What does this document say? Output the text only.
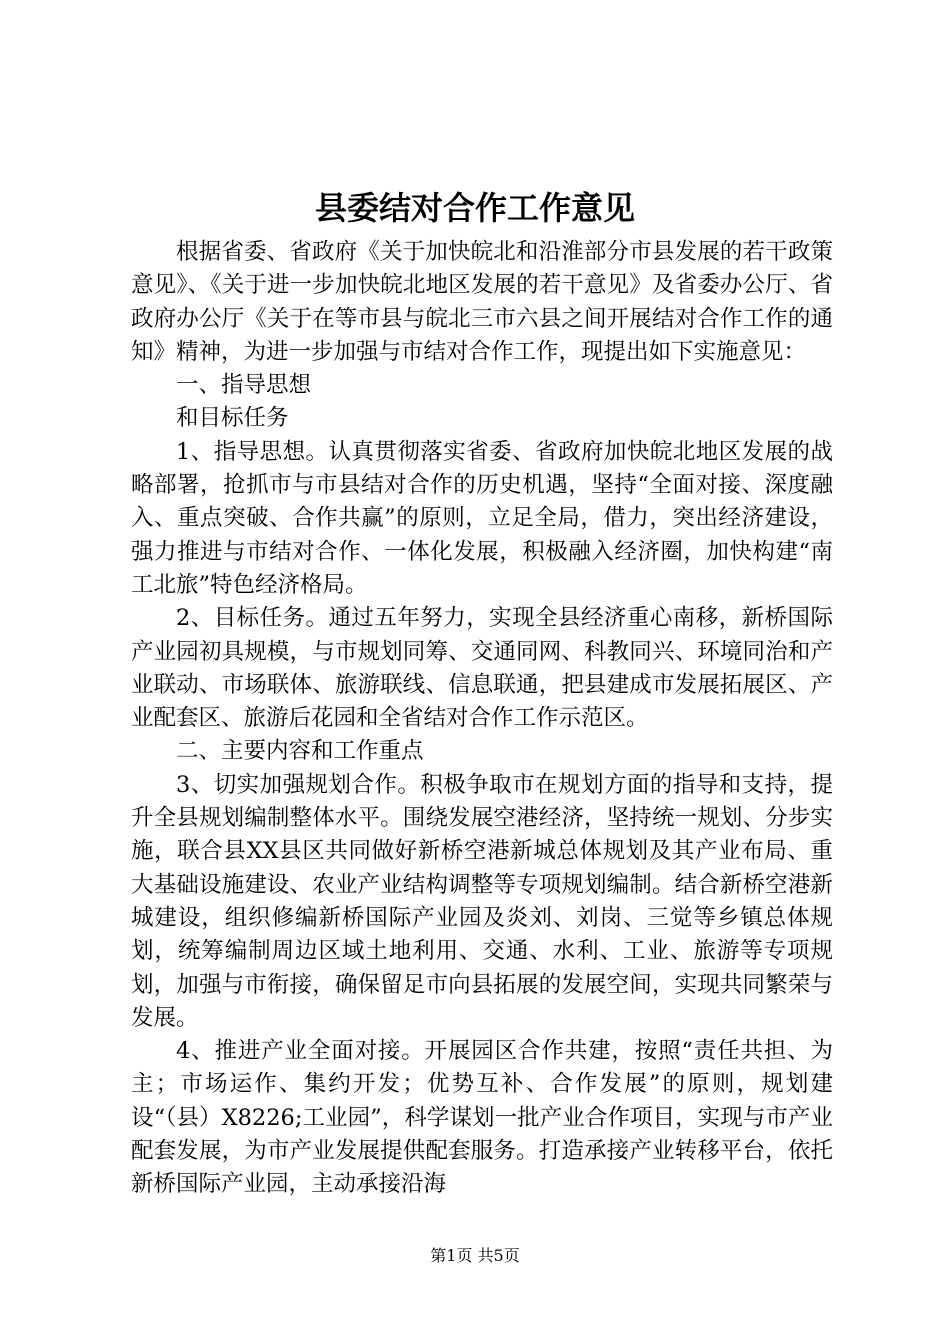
县委结对合作工作意见

根据省委、省政府《关于加快皖北和沿淮部分市县发展的若干政策意见》、《关于进一步加快皖北地区发展的若干意见》及省委办公厅、省政府办公厅《关于在等市县与皖北三市六县之间开展结对合作工作的通知》精神，为进一步加强与市结对合作工作，现提出如下实施意见：

一、指导思想

和目标任务

1、指导思想。认真贯彻落实省委、省政府加快皖北地区发展的战略部署，抢抓市与市县结对合作的历史机遇，坚持“全面对接、深度融入、重点突破、合作共赢”的原则，立足全局，借力，突出经济建设，强力推进与市结对合作、一体化发展，积极融入经济圈，加快构建“南工北旅”特色经济格局。

2、目标任务。通过五年努力，实现全县经济重心南移，新桥国际产业园初具规模，与市规划同筹、交通同网、科教同兴、环境同治和产业联动、市场联体、旅游联线、信息联通，把县建成市发展拓展区、产业配套区、旅游后花园和全省结对合作工作示范区。

二、主要内容和工作重点

3、切实加强规划合作。积极争取市在规划方面的指导和支持，提升全县规划编制整体水平。围绕发展空港经济，坚持统一规划、分步实施，联合县XX县区共同做好新桥空港新城总体规划及其产业布局、重大基础设施建设、农业产业结构调整等专项规划编制。结合新桥空港新城建设，组织修编新桥国际产业园及炎刘、刘岗、三觉等乡镇总体规划，统筹编制周边区域土地利用、交通、水利、工业、旅游等专项规划，加强与市衔接，确保留足市向县拓展的发展空间，实现共同繁荣与发展。

4、推进产业全面对接。开展园区合作共建，按照“责任共担、为主；市场运作、集约开发；优势互补、合作发展”的原则，规划建设“（县）X8226;工业园”，科学谋划一批产业合作项目，实现与市产业配套发展，为市产业发展提供配套服务。打造承接产业转移平台，依托新桥国际产业园，主动承接沿海

第1页 共5页
